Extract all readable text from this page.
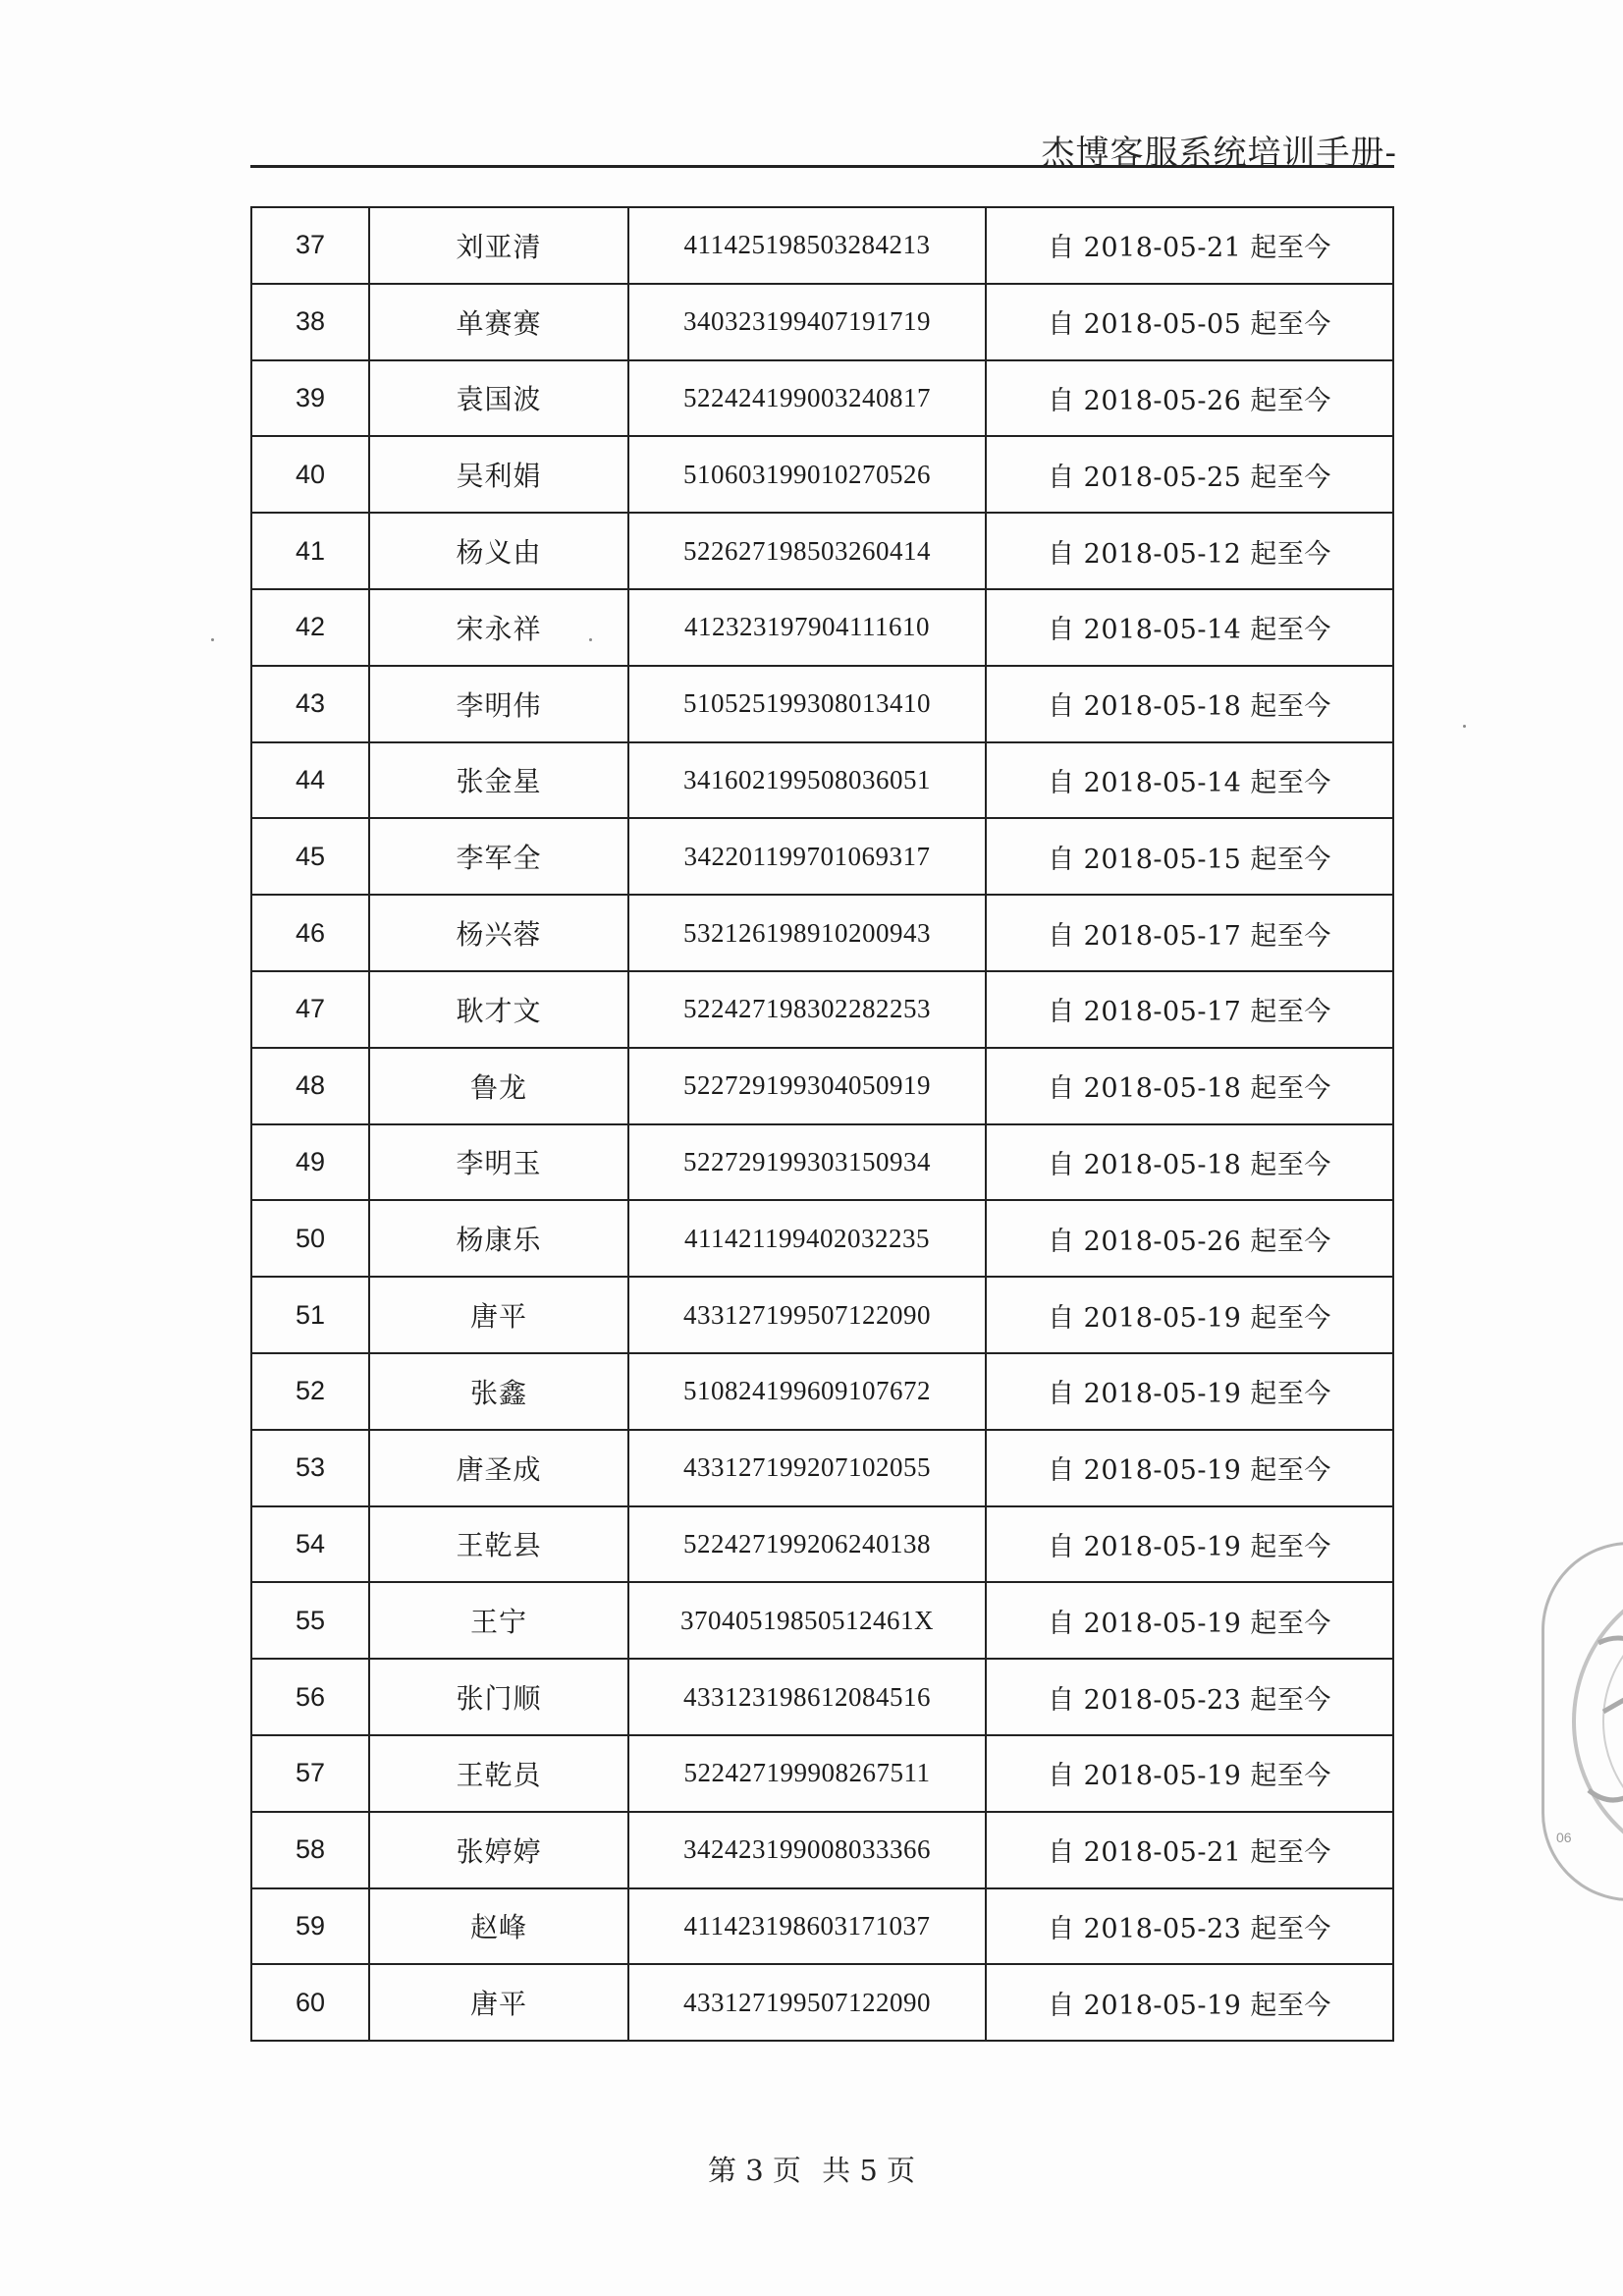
杰博客服系统培训手册-
37	刘亚清	411425198503284213	自 2018-05-21 起至今
38	单赛赛	340323199407191719	自 2018-05-05 起至今
39	袁国波	522424199003240817	自 2018-05-26 起至今
40	吴利娟	510603199010270526	自 2018-05-25 起至今
41	杨义由	522627198503260414	自 2018-05-12 起至今
42	宋永祥	412323197904111610	自 2018-05-14 起至今
43	李明伟	510525199308013410	自 2018-05-18 起至今
44	张金星	341602199508036051	自 2018-05-14 起至今
45	李军全	342201199701069317	自 2018-05-15 起至今
46	杨兴蓉	532126198910200943	自 2018-05-17 起至今
47	耿才文	522427198302282253	自 2018-05-17 起至今
48	鲁龙	522729199304050919	自 2018-05-18 起至今
49	李明玉	522729199303150934	自 2018-05-18 起至今
50	杨康乐	411421199402032235	自 2018-05-26 起至今
51	唐平	433127199507122090	自 2018-05-19 起至今
52	张鑫	510824199609107672	自 2018-05-19 起至今
53	唐圣成	433127199207102055	自 2018-05-19 起至今
54	王乾县	522427199206240138	自 2018-05-19 起至今
55	王宁	37040519850512461X	自 2018-05-19 起至今
56	张门顺	433123198612084516	自 2018-05-23 起至今
57	王乾员	522427199908267511	自 2018-05-19 起至今
58	张婷婷	342423199008033366	自 2018-05-21 起至今
59	赵峰	411423198603171037	自 2018-05-23 起至今
60	唐平	433127199507122090	自 2018-05-19 起至今
第 3 页 共 5 页
06
